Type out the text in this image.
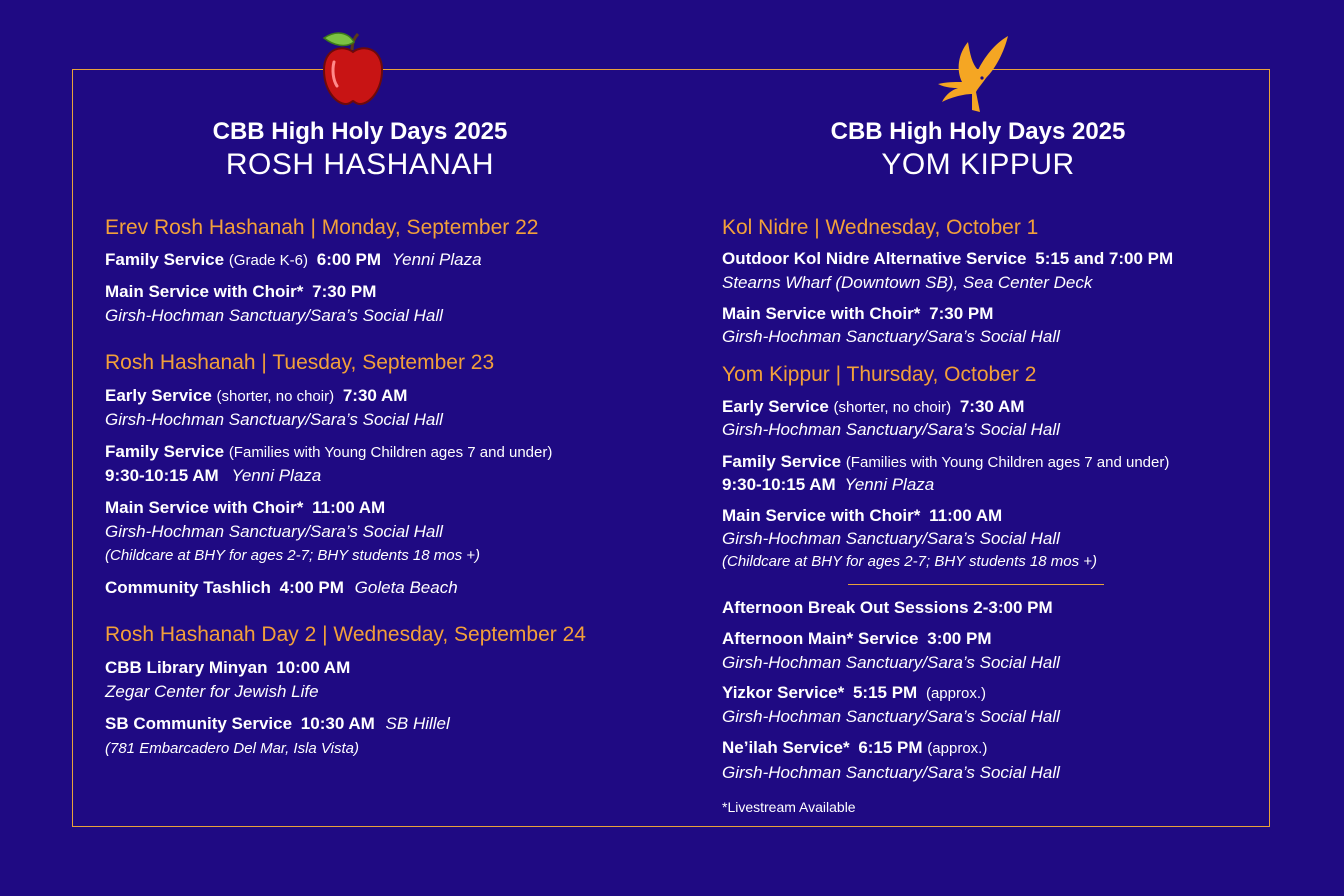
CBB High Holy Days 2025
ROSH HASHANAH
Erev Rosh Hashanah | Monday, September 22
Family Service (Grade K-6) 6:00 PM Yenni Plaza
Main Service with Choir* 7:30 PM
Girsh-Hochman Sanctuary/Sara’s Social Hall
Rosh Hashanah | Tuesday, September 23
Early Service (shorter, no choir) 7:30 AM
Girsh-Hochman Sanctuary/Sara’s Social Hall
Family Service (Families with Young Children ages 7 and under)
9:30-10:15 AM Yenni Plaza
Main Service with Choir* 11:00 AM
Girsh-Hochman Sanctuary/Sara’s Social Hall
(Childcare at BHY for ages 2-7; BHY students 18 mos +)
Community Tashlich 4:00 PM Goleta Beach
Rosh Hashanah Day 2 | Wednesday, September 24
CBB Library Minyan 10:00 AM
Zegar Center for Jewish Life
SB Community Service 10:30 AM SB Hillel
(781 Embarcadero Del Mar, Isla Vista)
CBB High Holy Days 2025
YOM KIPPUR
Kol Nidre | Wednesday, October 1
Outdoor Kol Nidre Alternative Service 5:15 and 7:00 PM
Stearns Wharf (Downtown SB), Sea Center Deck
Main Service with Choir* 7:30 PM
Girsh-Hochman Sanctuary/Sara’s Social Hall
Yom Kippur | Thursday, October 2
Early Service (shorter, no choir) 7:30 AM
Girsh-Hochman Sanctuary/Sara’s Social Hall
Family Service (Families with Young Children ages 7 and under)
9:30-10:15 AM Yenni Plaza
Main Service with Choir* 11:00 AM
Girsh-Hochman Sanctuary/Sara’s Social Hall
(Childcare at BHY for ages 2-7; BHY students 18 mos +)
Afternoon Break Out Sessions 2-3:00 PM
Afternoon Main* Service 3:00 PM
Girsh-Hochman Sanctuary/Sara’s Social Hall
Yizkor Service* 5:15 PM (approx.)
Girsh-Hochman Sanctuary/Sara’s Social Hall
Ne’ilah Service* 6:15 PM (approx.)
Girsh-Hochman Sanctuary/Sara’s Social Hall
*Livestream Available
